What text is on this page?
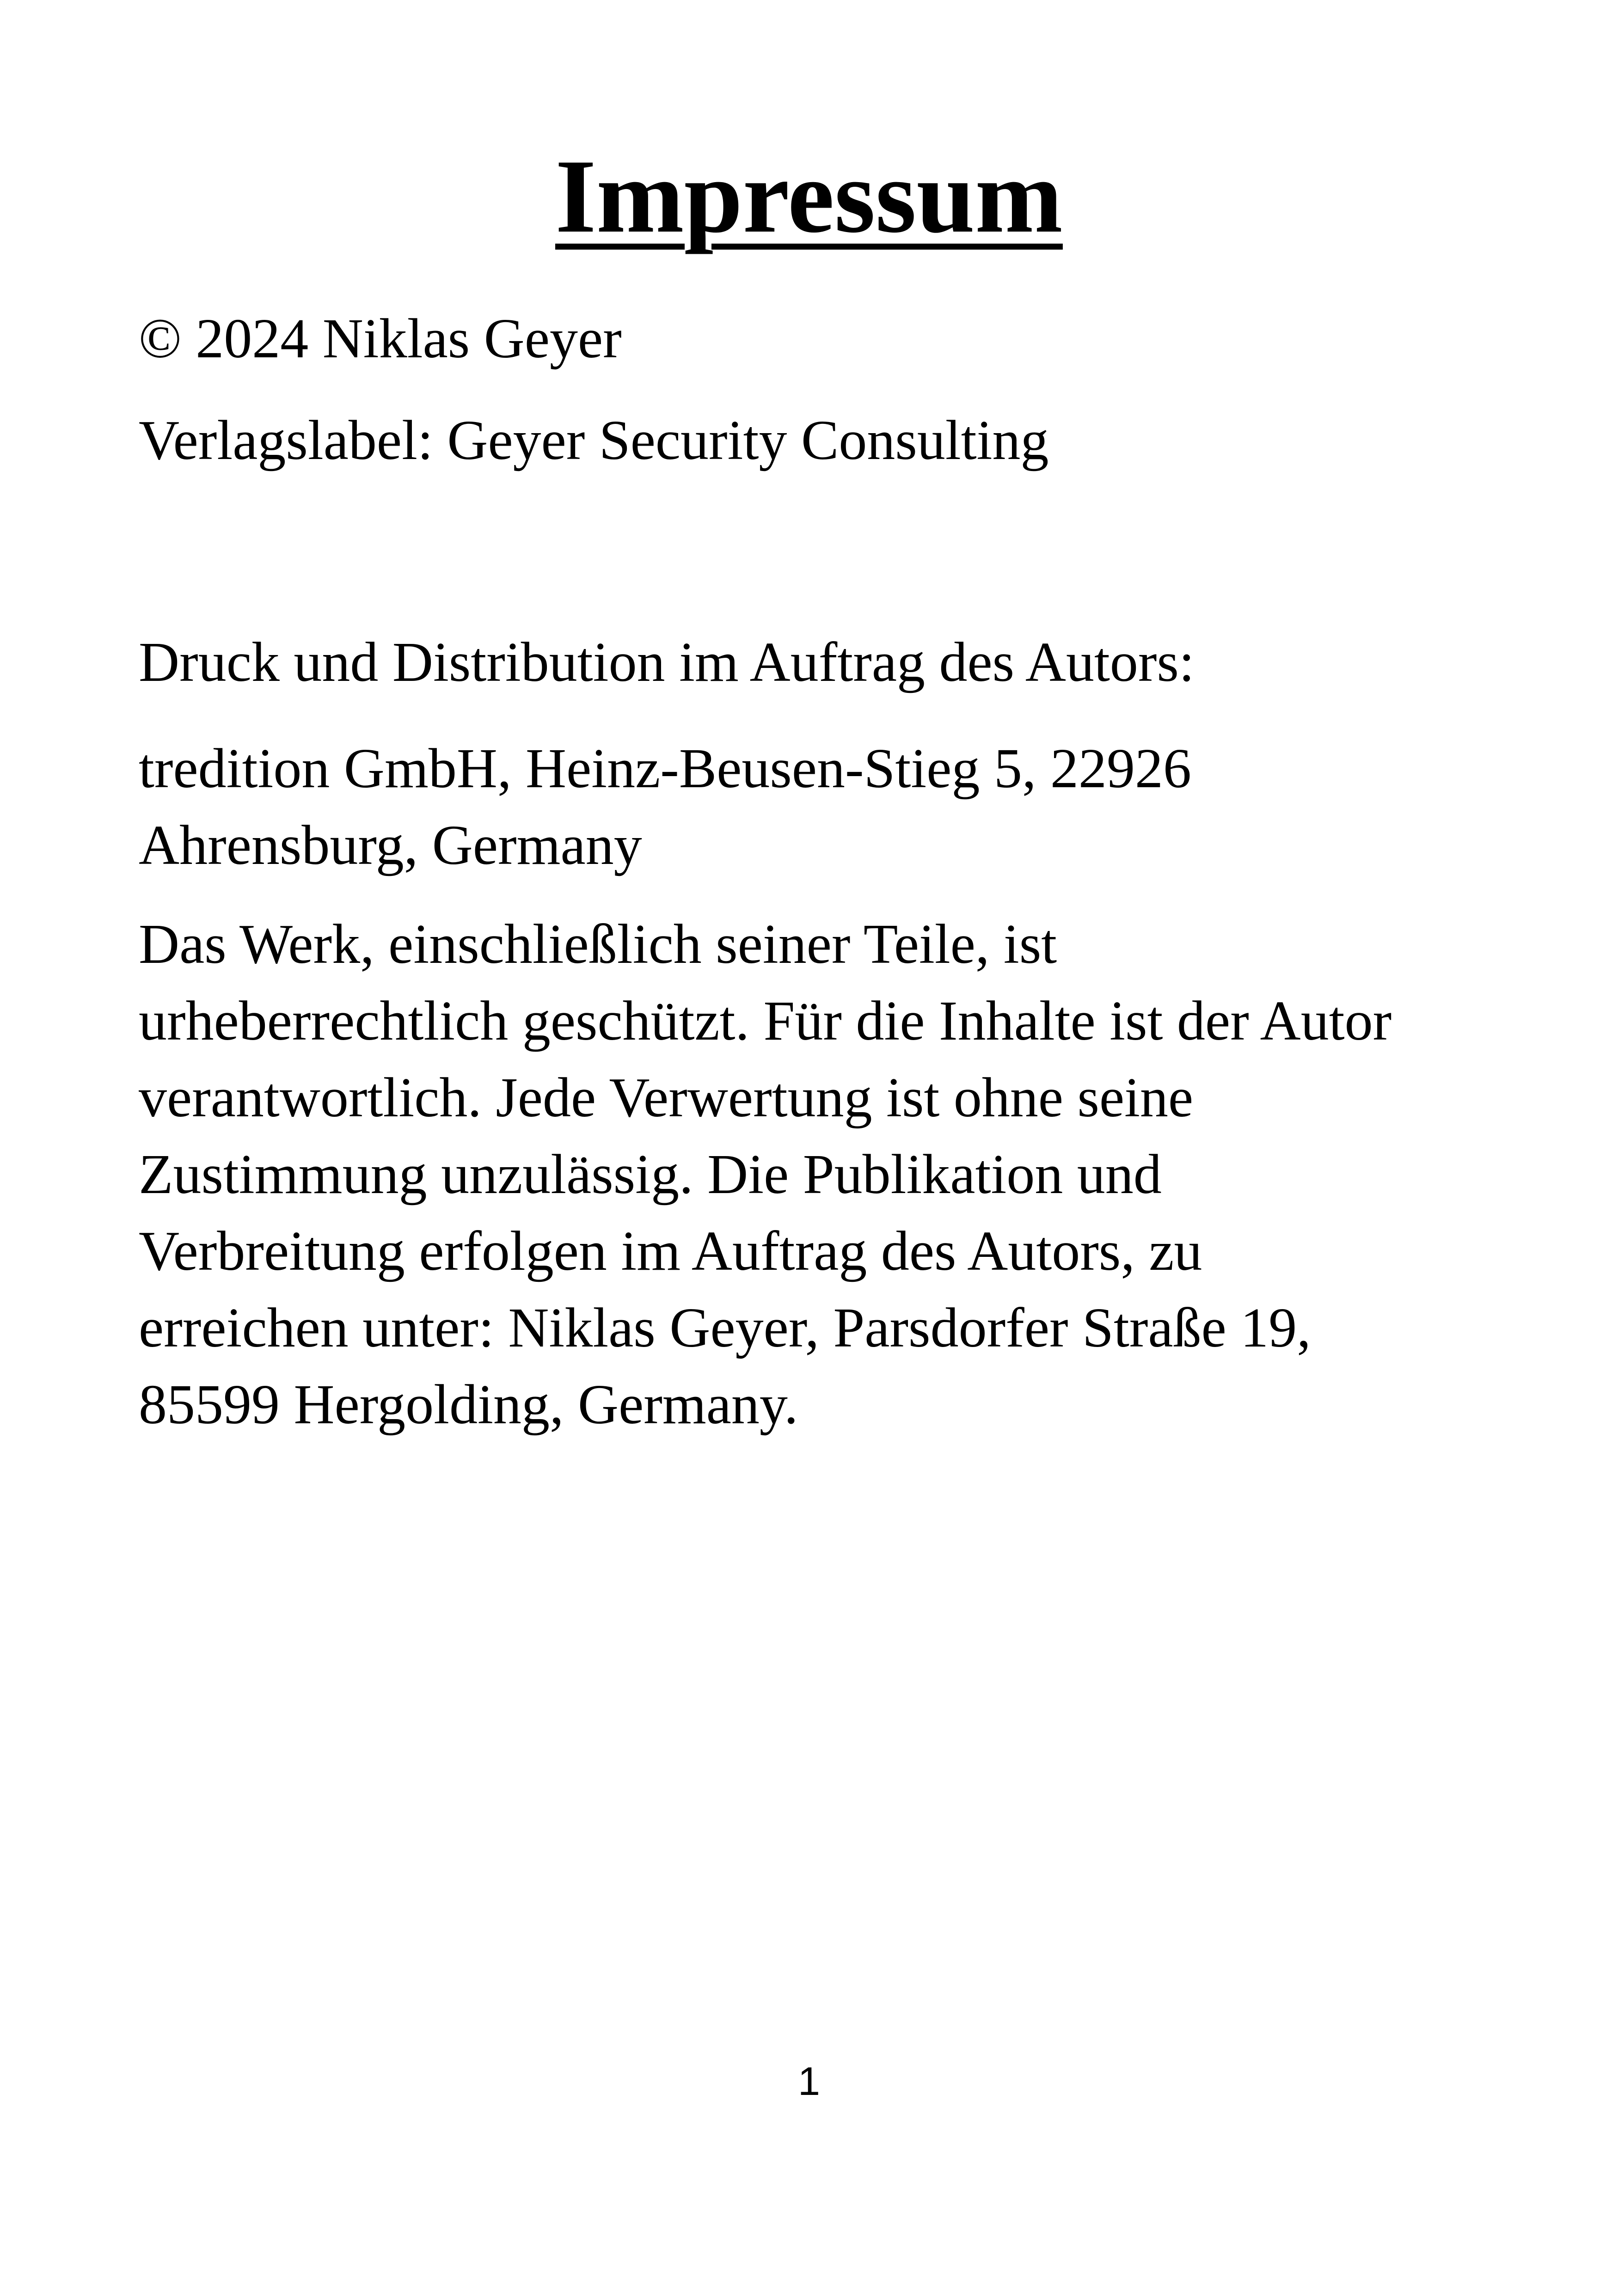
Impressum

© 2024 Niklas Geyer

Verlagslabel: Geyer Security Consulting

Druck und Distribution im Auftrag des Autors:

tredition GmbH, Heinz-Beusen-Stieg 5, 22926
Ahrensburg, Germany

Das Werk, einschließlich seiner Teile, ist
urheberrechtlich geschützt. Für die Inhalte ist der Autor
verantwortlich. Jede Verwertung ist ohne seine
Zustimmung unzulässig. Die Publikation und
Verbreitung erfolgen im Auftrag des Autors, zu
erreichen unter: Niklas Geyer, Parsdorfer Straße 19,
85599 Hergolding, Germany.

1
